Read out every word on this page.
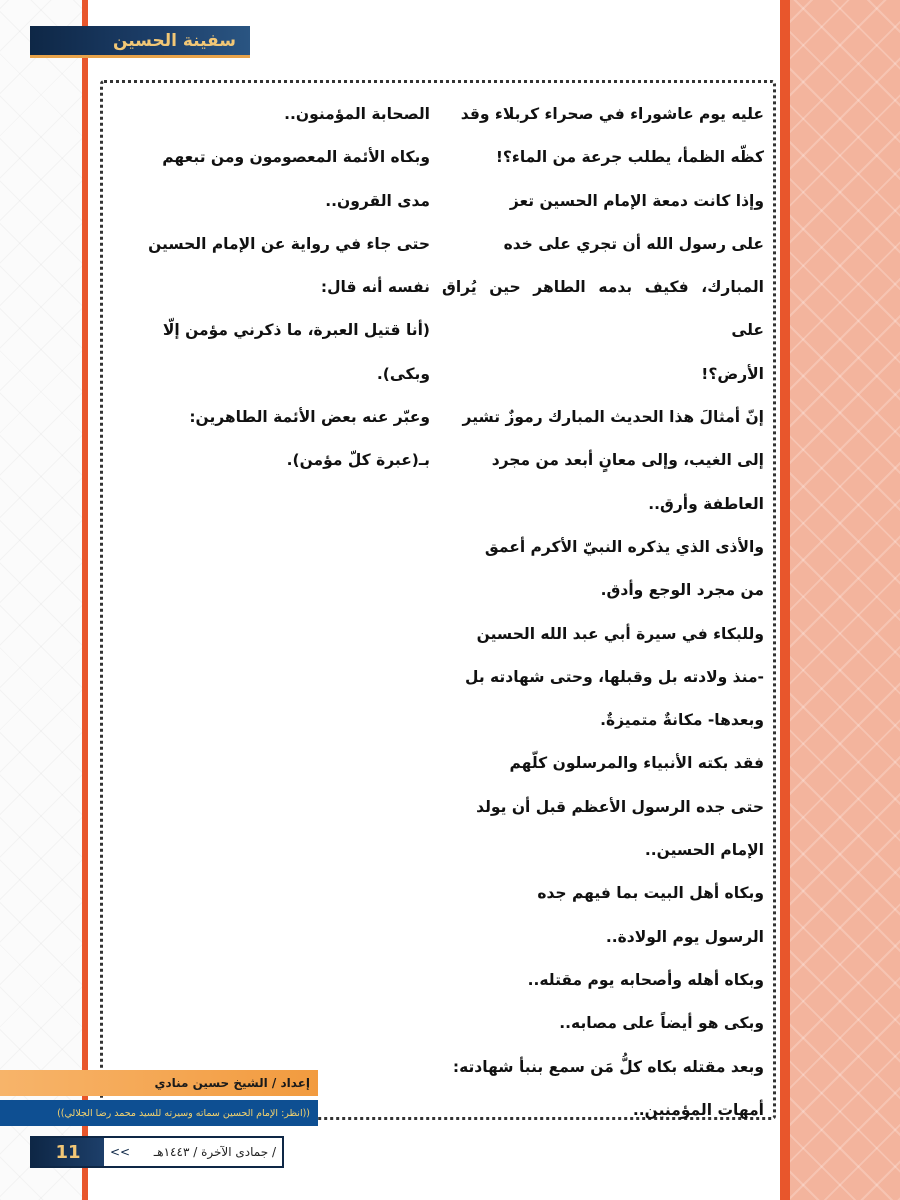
سفينة الحسين

عليه يوم عاشوراء في صحراء كربلاء وقد

كظّه الظمأ، يطلب جرعة من الماء؟!

وإذا كانت دمعة الإمام الحسين تعز

على رسول الله أن تجري على خده

المبارك، فكيف بدمه الطاهر حين يُراق على

الأرض؟!

إنّ أمثالَ هذا الحديث المبارك رموزٌ تشير

إلى الغيب، وإلى معانٍ أبعد من مجرد

العاطفة وأرق..

والأذى الذي يذكره النبيّ الأكرم أعمق

من مجرد الوجع وأدق.

وللبكاء في سيرة أبي عبد الله الحسين

-منذ ولادته بل وقبلها، وحتى شهادته بل

وبعدها- مكانةٌ متميزةٌ.

فقد بكته الأنبياء والمرسلون كلّهم

حتى جده الرسول الأعظم قبل أن يولد

الإمام الحسين..

وبكاه أهل البيت بما فيهم جده

الرسول يوم الولادة..

وبكاه أهله وأصحابه يوم مقتله..

وبكى هو أيضاً على مصابه..

وبعد مقتله بكاه كلُّ مَن سمع بنبأ شهادته:

أمهات المؤمنين..

الصحابة المؤمنون..

وبكاه الأئمة المعصومون ومن تبعهم

مدى القرون..

حتى جاء في رواية عن الإمام الحسين

نفسه أنه قال:

(أنا قتيل العبرة، ما ذكرني مؤمن إلّا

وبكى).

وعبّر عنه بعض الأئمة الطاهرين:

بـ(عبرة كلّ مؤمن).

إعداد / الشيخ حسين منادي
((انظر: الإمام الحسين سماته وسيرته للسيد محمد رضا الجلالي))
11	<<	/ جمادى الآخرة / ١٤٤٣هـ
